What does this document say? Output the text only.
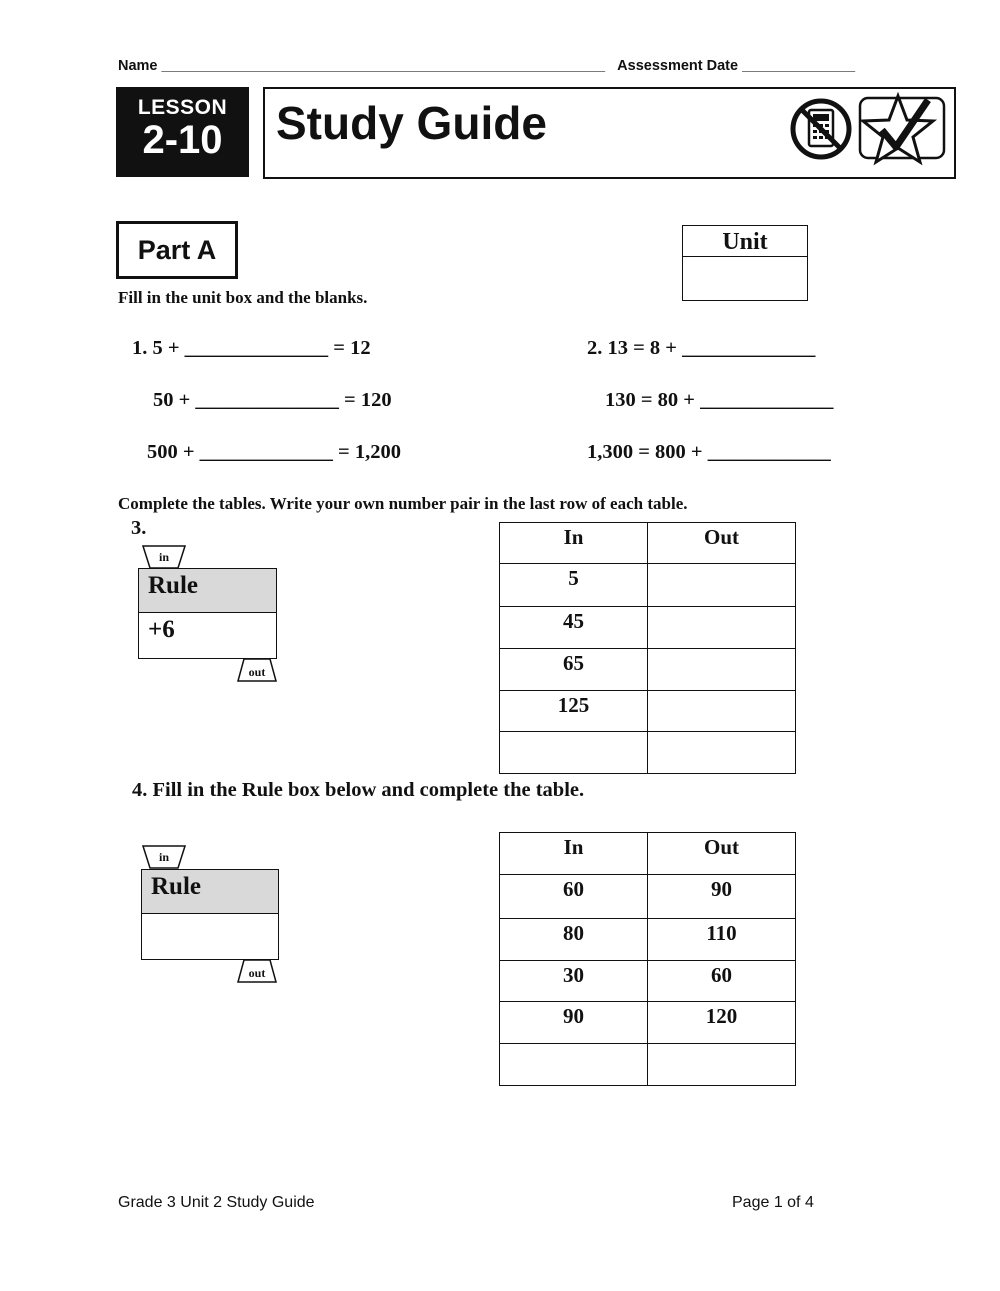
Name _______________________________________________________ Assessment Date ______________
LESSON
2-10	Study Guide
Part A	Unit
Fill in the unit box and the blanks.
1. 5 + ______________ = 12
50 + ______________ = 120
500 + _____________ = 1,200
2. 13 = 8 + _____________
130 = 80 + _____________
1,300 = 800 + ____________
Complete the tables. Write your own number pair in the last row of each table.
3.
in
Rule
+6
out
In	Out
5	
45	
65	
125	

4. Fill in the Rule box below and complete the table.
in
Rule
out
In	Out
60	90
80	110
30	60
90	120

Grade 3 Unit 2 Study Guide	Page 1 of 4
